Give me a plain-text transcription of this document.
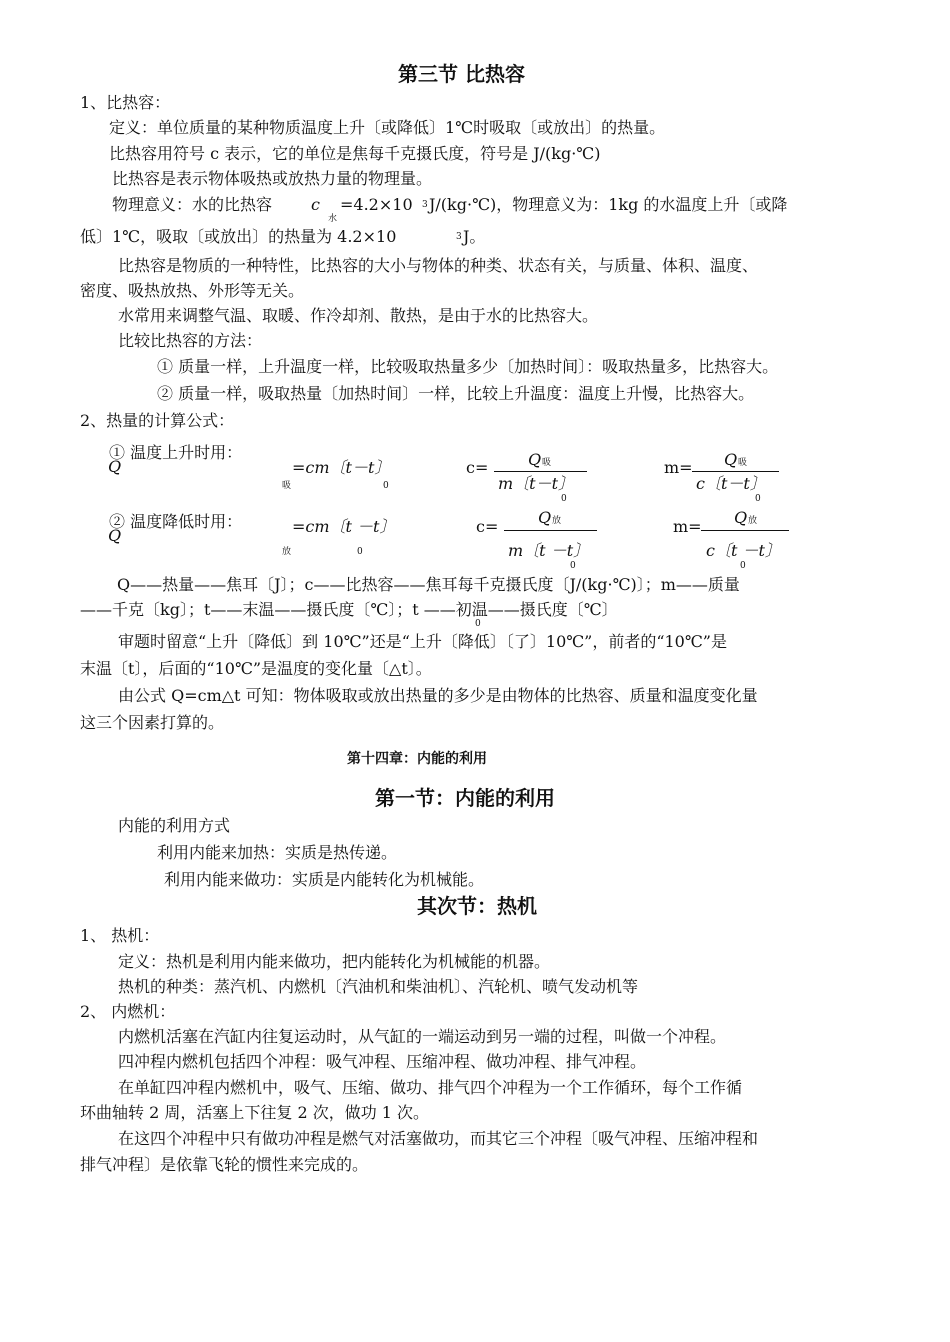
第三节 比热容
1、比热容：
定义：单位质量的某种物质温度上升〔或降低〕1℃时吸取〔或放出〕的热量。
比热容用符号 c 表示，它的单位是焦每千克摄氏度，符号是 J/(kg·℃)
比热容是表示物体吸热或放热力量的物理量。
物理意义：水的比热容 c
水
=4.2×10 3 J/(kg·℃)，物理意义为：1kg 的水温度上升〔或降
低〕1℃，吸取〔或放出〕的热量为 4.2×10	3 J。
比热容是物质的一种特性，比热容的大小与物体的种类、状态有关，与质量、体积、温度、
密度、吸热放热、外形等无关。
水常用来调整气温、取暖、作冷却剂、散热，是由于水的比热容大。
比较比热容的方法：
① 质量一样，上升温度一样，比较吸取热量多少〔加热时间〕：吸取热量多，比热容大。
② 质量一样，吸取热量〔加热时间〕一样，比较上升温度：温度上升慢，比热容大。
2、热量的计算公式：
① 温度上升时用：
Q
吸
=cm〔t－t〕
0
c= Q 吸
m〔t－t〕
0
m= Q 吸
c〔t－t〕
0
② 温度降低时用：
Q
放
=cm〔t －t〕
0
c= Q 放
m〔t －t〕
0
m= Q 放
c〔t －t〕
0
Q——热量——焦耳〔J〕；c——比热容——焦耳每千克摄氏度〔J/(kg·℃)〕；m——质量
——千克〔kg〕；t——末温——摄氏度〔℃〕；t ——初温——摄氏度〔℃〕
0
审题时留意“上升〔降低〕到 10℃”还是“上升〔降低〕〔了〕10℃”，前者的“10℃”是
末温〔t〕，后面的“10℃”是温度的变化量〔△t〕。
由公式 Q=cm△t 可知：物体吸取或放出热量的多少是由物体的比热容、质量和温度变化量
这三个因素打算的。
第十四章：内能的利用
第一节：内能的利用
内能的利用方式
利用内能来加热：实质是热传递。
利用内能来做功：实质是内能转化为机械能。
其次节：热机
1、 热机：
定义：热机是利用内能来做功，把内能转化为机械能的机器。
热机的种类：蒸汽机、内燃机〔汽油机和柴油机〕、汽轮机、喷气发动机等
2、 内燃机：
内燃机活塞在汽缸内往复运动时，从气缸的一端运动到另一端的过程，叫做一个冲程。
四冲程内燃机包括四个冲程：吸气冲程、压缩冲程、做功冲程、排气冲程。
在单缸四冲程内燃机中，吸气、压缩、做功、排气四个冲程为一个工作循环，每个工作循
环曲轴转 2 周，活塞上下往复 2 次，做功 1 次。
在这四个冲程中只有做功冲程是燃气对活塞做功，而其它三个冲程〔吸气冲程、压缩冲程和
排气冲程〕是依靠飞轮的惯性来完成的。
